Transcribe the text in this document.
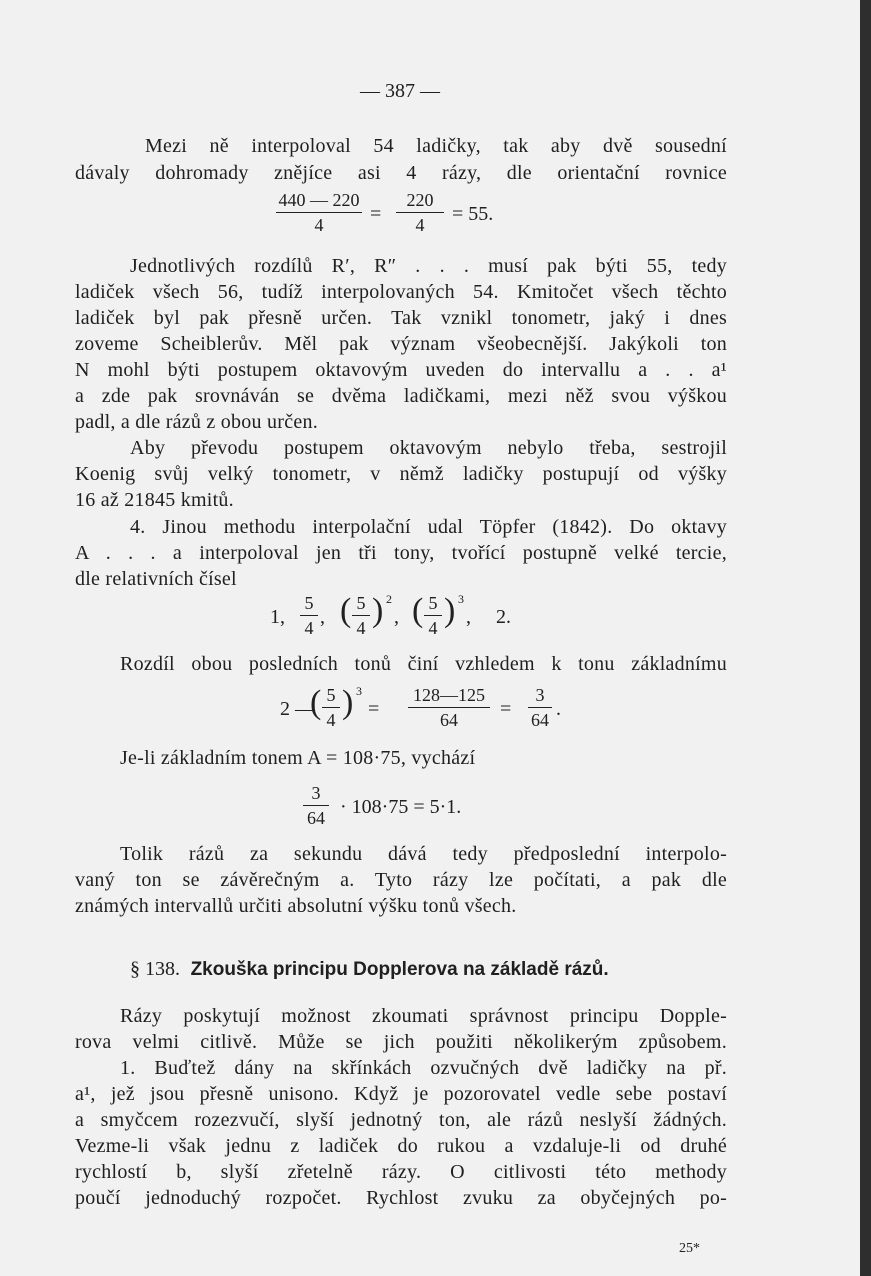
— 387 —
Mezi ně interpoloval 54 ladičky, tak aby dvě sousední
dávaly dohromady znějíce asi 4 rázy, dle orientační rovnice
440 — 220
4	=
220
4	= 55.
Jednotlivých rozdílů R′, R″ . . . musí pak býti 55, tedy
ladiček všech 56, tudíž interpolovaných 54. Kmitočet všech těchto
ladiček byl pak přesně určen. Tak vznikl tonometr, jaký i dnes
zoveme Scheiblerův. Měl pak význam všeobecnější. Jakýkoli ton
N mohl býti postupem oktavovým uveden do intervallu a . . a¹
a zde pak srovnáván se dvěma ladičkami, mezi něž svou výškou
padl, a dle rázů z obou určen.
Aby převodu postupem oktavovým nebylo třeba, sestrojil
Koenig svůj velký tonometr, v němž ladičky postupují od výšky
16 až 21845 kmitů.
4. Jinou methodu interpolační udal Töpfer (1842). Do oktavy
A . . . a interpoloval jen tři tony, tvořící postupně velké tercie,
dle relativních čísel
1,
5
4 , ( 5
4 ) 2
, ( 5
4 ) 3
, 2.
Rozdíl obou posledních tonů činí vzhledem k tonu základnímu
2 —
( 5
4 ) 3
=
128—125
64	=
3
64 .
Je-li základním tonem A = 108·75, vychází
3
64 · 108·75 = 5·1.
Tolik rázů za sekundu dává tedy předposlední interpolo-
vaný ton se závěrečným a. Tyto rázy lze počítati, a pak dle
známých intervallů určiti absolutní výšku tonů všech.
§ 138. Zkouška principu Dopplerova na základě rázů.
Rázy poskytují možnost zkoumati správnost principu Dopple-
rova velmi citlivě. Může se jich použiti několikerým způsobem.
1. Buďtež dány na skřínkách ozvučných dvě ladičky na př.
a¹, jež jsou přesně unisono. Když je pozorovatel vedle sebe postaví
a smyčcem rozezvučí, slyší jednotný ton, ale rázů neslyší žádných.
Vezme-li však jednu z ladiček do rukou a vzdaluje-li od druhé
rychlostí b, slyší zřetelně rázy. O citlivosti této methody
poučí jednoduchý rozpočet. Rychlost zvuku za obyčejných po-
25*
